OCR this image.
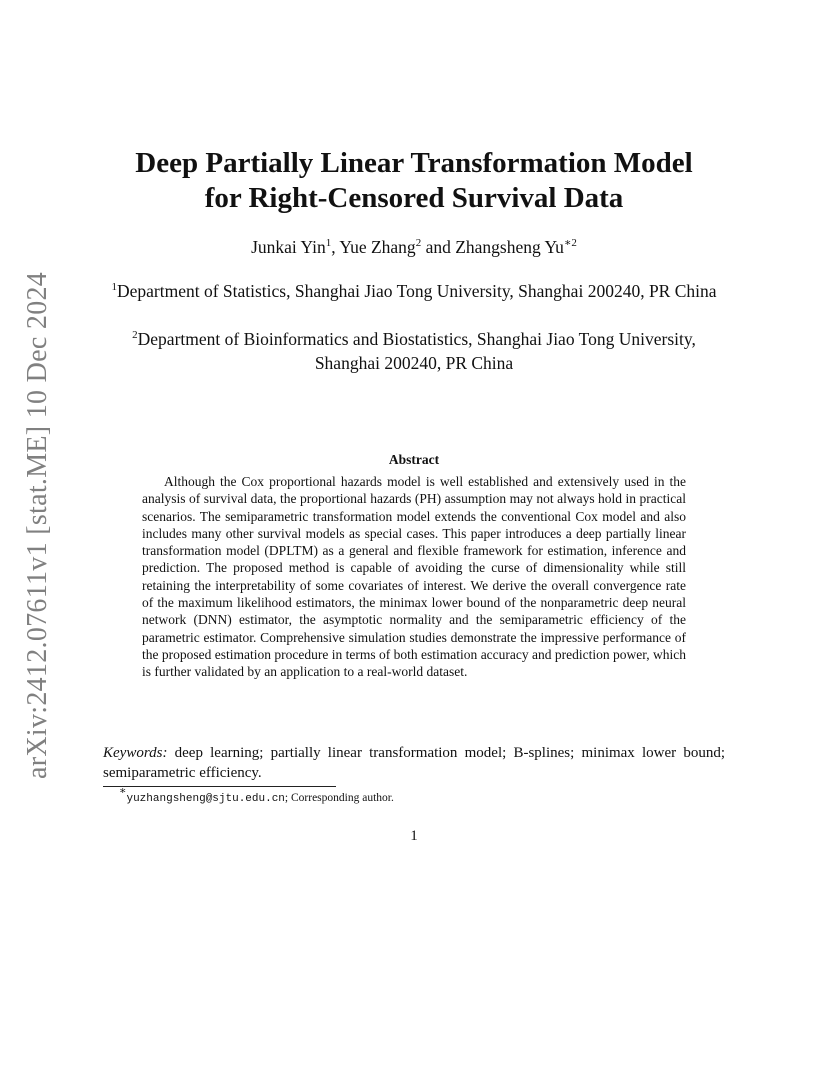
arXiv:2412.07611v1 [stat.ME] 10 Dec 2024
Deep Partially Linear Transformation Model
for Right-Censored Survival Data
Junkai Yin$^1$, Yue Zhang$^2$ and Zhangsheng $Yu^{∗2}$
$^1$Department of Statistics, Shanghai Jiao Tong University, Shanghai 200240, PR China
$^2$Department of Bioinformatics and Biostatistics, Shanghai Jiao Tong University, Shanghai 200240, PR China
Abstract

Although the Cox proportional hazards model is well established and extensively used in the analysis of survival data, the proportional hazards (PH) assumption may not always hold in practical scenarios. The semiparametric transformation model extends the conventional Cox model and also includes many other survival models as special cases. This paper introduces a deep partially linear transformation model (DPLTM) as a general and flexible framework for estimation, inference and prediction. The proposed method is capable of avoiding the curse of dimensionality while still retaining the interpretability of some covariates of interest. We derive the overall convergence rate of the maximum likelihood estimators, the minimax lower bound of the nonparametric deep neural network (DNN) estimator, the asymptotic normality and the semiparametric efficiency of the parametric estimator. Comprehensive simulation studies demonstrate the impressive performance of the proposed estimation procedure in terms of both estimation accuracy and prediction power, which is further validated by an application to a real-world dataset.

Keywords: deep learning; partially linear transformation model; B-splines; minimax lower bound; semiparametric efficiency.

∗yuzhangsheng@sjtu.edu.cn; Corresponding author.
1
